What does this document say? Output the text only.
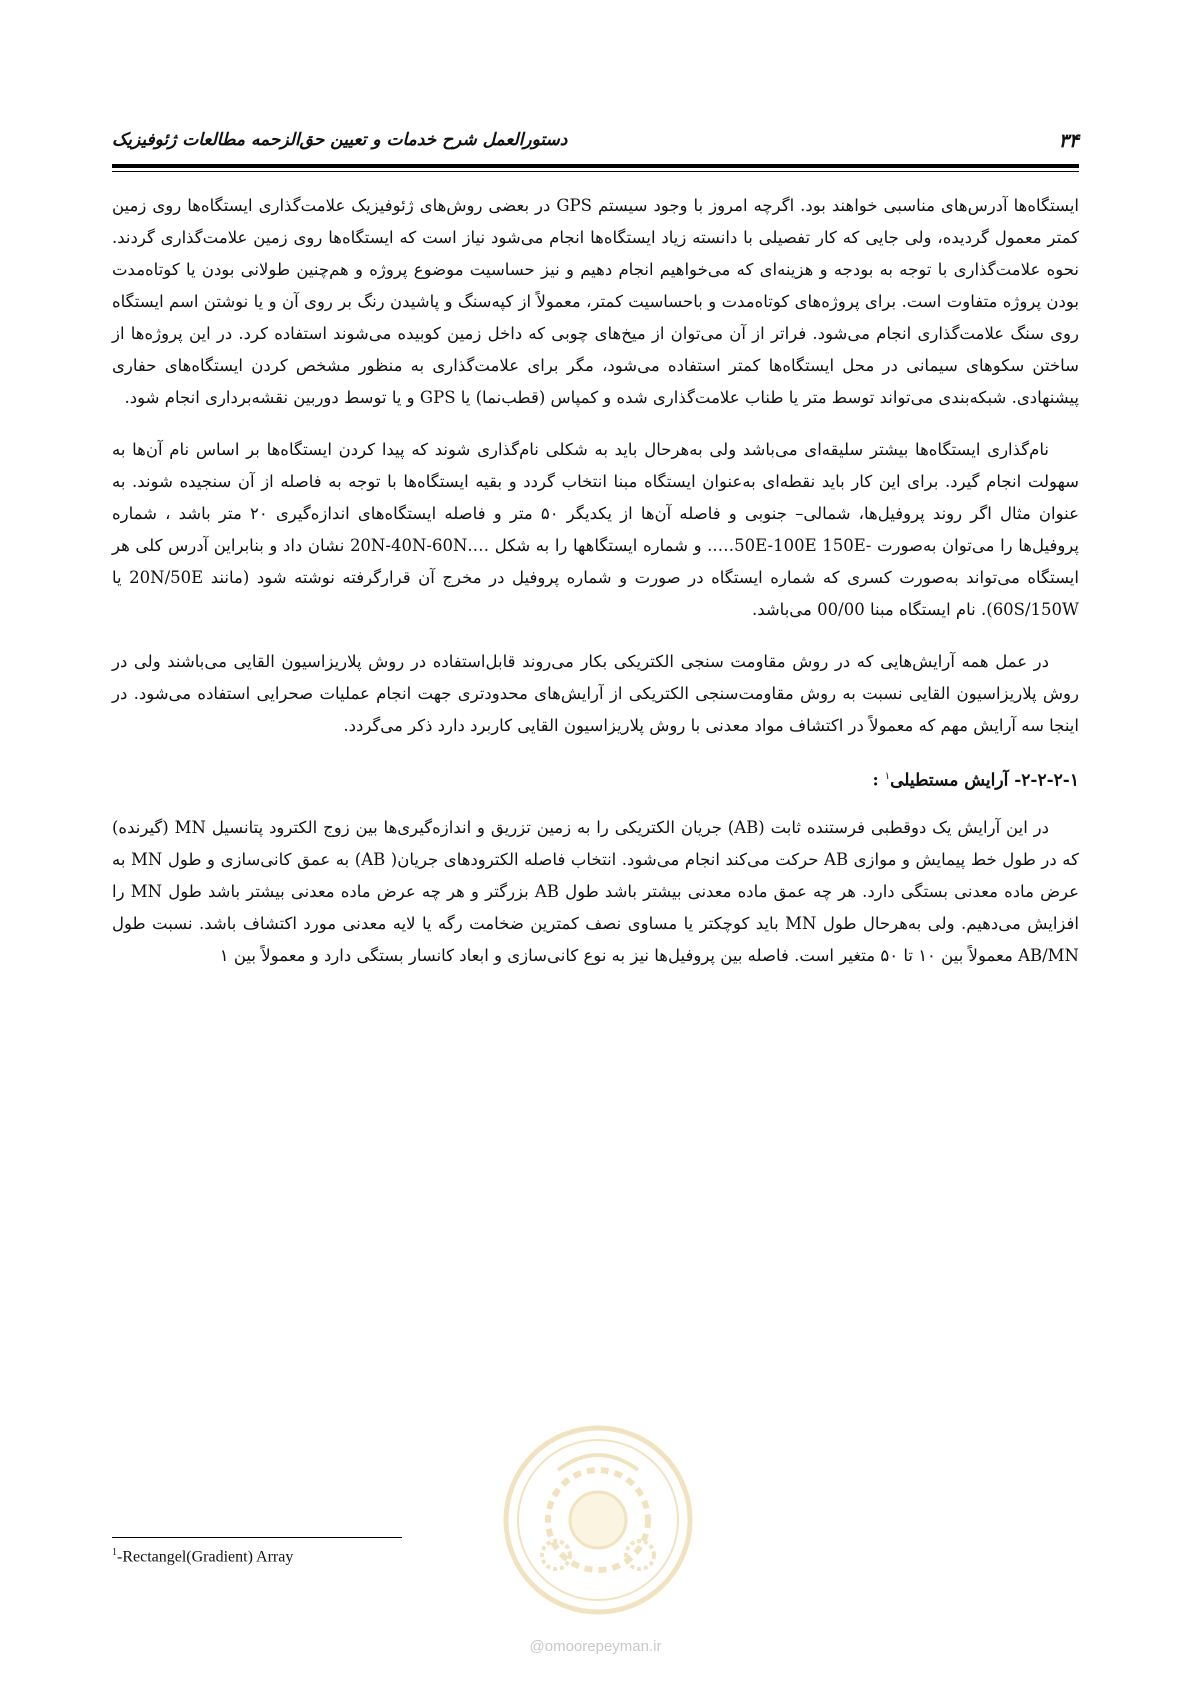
دستورالعمل شرح خدمات و تعیین حق‌الزحمه مطالعات ژئوفیزیک	۳۴

ایستگاه‌ها آدرس‌های مناسبی خواهند بود. اگرچه امروز با وجود سیستم GPS در بعضی روش‌های ژئوفیزیک علامت‌گذاری ایستگاه‌ها روی زمین کمتر معمول گردیده، ولی جایی که کار تفصیلی با دانسته زیاد ایستگاه‌ها انجام می‌شود نیاز است که ایستگاه‌ها روی زمین علامت‌گذاری گردند. نحوه علامت‌گذاری با توجه به بودجه و هزینه‌ای که می‌خواهیم انجام دهیم و نیز حساسیت موضوع پروژه و هم‌چنین طولانی بودن یا کوتاه‌مدت بودن پروژه متفاوت است. برای پروژه‌های کوتاه‌مدت و باحساسیت کمتر، معمولاً از کپه‌سنگ و پاشیدن رنگ بر روی آن و یا نوشتن اسم ایستگاه روی سنگ علامت‌گذاری انجام می‌شود. فراتر از آن می‌توان از میخ‌های چوبی که داخل زمین کوبیده می‌شوند استفاده کرد. در این پروژه‌ها از ساختن سکوهای سیمانی در محل ایستگاه‌ها کمتر استفاده می‌شود، مگر برای علامت‌گذاری به منظور مشخص کردن ایستگاه‌های حفاری پیشنهادی. شبکه‌بندی می‌تواند توسط متر یا طناب علامت‌گذاری شده و کمپاس (قطب‌نما) یا GPS و یا توسط دوربین نقشه‌برداری انجام شود.

نام‌گذاری ایستگاه‌ها بیشتر سلیقه‌ای می‌باشد ولی به‌هرحال باید به شکلی نام‌گذاری شوند که پیدا کردن ایستگاه‌ها بر اساس نام آن‌ها به سهولت انجام گیرد. برای این کار باید نقطه‌ای به‌عنوان ایستگاه مبنا انتخاب گردد و بقیه ایستگاه‌ها با توجه به فاصله از آن سنجیده شوند. به عنوان مثال اگر روند پروفیل‌ها، شمالی– جنوبی و فاصله آن‌ها از یکدیگر ۵۰ متر و فاصله ایستگاه‌های اندازه‌گیری ۲۰ متر باشد ، شماره پروفیل‌ها را می‌توان به‌صورت -50E-100E ‎150E….. و شماره ایستگاهها را به شکل ….20N-40N-60N نشان داد و بنابراین آدرس کلی هر ایستگاه می‌تواند به‌صورت کسری که شماره ایستگاه در صورت و شماره پروفیل در مخرج آن قرارگرفته نوشته شود (مانند 20N/50E یا 60S/150W). نام ایستگاه مبنا 00/00 می‌باشد.

در عمل همه آرایش‌هایی که در روش مقاومت سنجی الکتریکی بکار می‌روند قابل‌استفاده در روش پلاریزاسیون القایی می‌باشند ولی در روش پلاریزاسیون القایی نسبت به روش مقاومت‌سنجی الکتریکی از آرایش‌های محدودتری جهت انجام عملیات صحرایی استفاده می‌شود. در اینجا سه آرایش مهم که معمولاً در اکتشاف مواد معدنی با روش پلاریزاسیون القایی کاربرد دارد ذکر می‌گردد.

۲-۲-۲-۱- آرایش مستطیلی$^۱$ :

در این آرایش یک دوقطبی فرستنده ثابت (AB) جریان الکتریکی را به زمین تزریق و اندازه‌گیری‌ها بین زوج الکترود پتانسیل MN (گیرنده) که در طول خط پیمایش و موازی AB حرکت می‌کند انجام می‌شود. انتخاب فاصله الکترودهای جریان( AB) به عمق کانی‌سازی و طول MN به عرض ماده معدنی بستگی دارد. هر چه عمق ماده معدنی بیشتر باشد طول AB بزرگتر و هر چه عرض ماده معدنی بیشتر باشد طول MN را افزایش می‌دهیم. ولی به‌هرحال طول MN باید کوچکتر یا مساوی نصف کمترین ضخامت رگه یا لایه معدنی مورد اکتشاف باشد. نسبت طول AB/MN معمولاً بین ۱۰ تا ۵۰ متغیر است. فاصله بین پروفیل‌ها نیز به نوع کانی‌سازی و ابعاد کانسار بستگی دارد و معمولاً بین ۱

@omoorepeyman.ir
$^1$-Rectangel(Gradient) Array
